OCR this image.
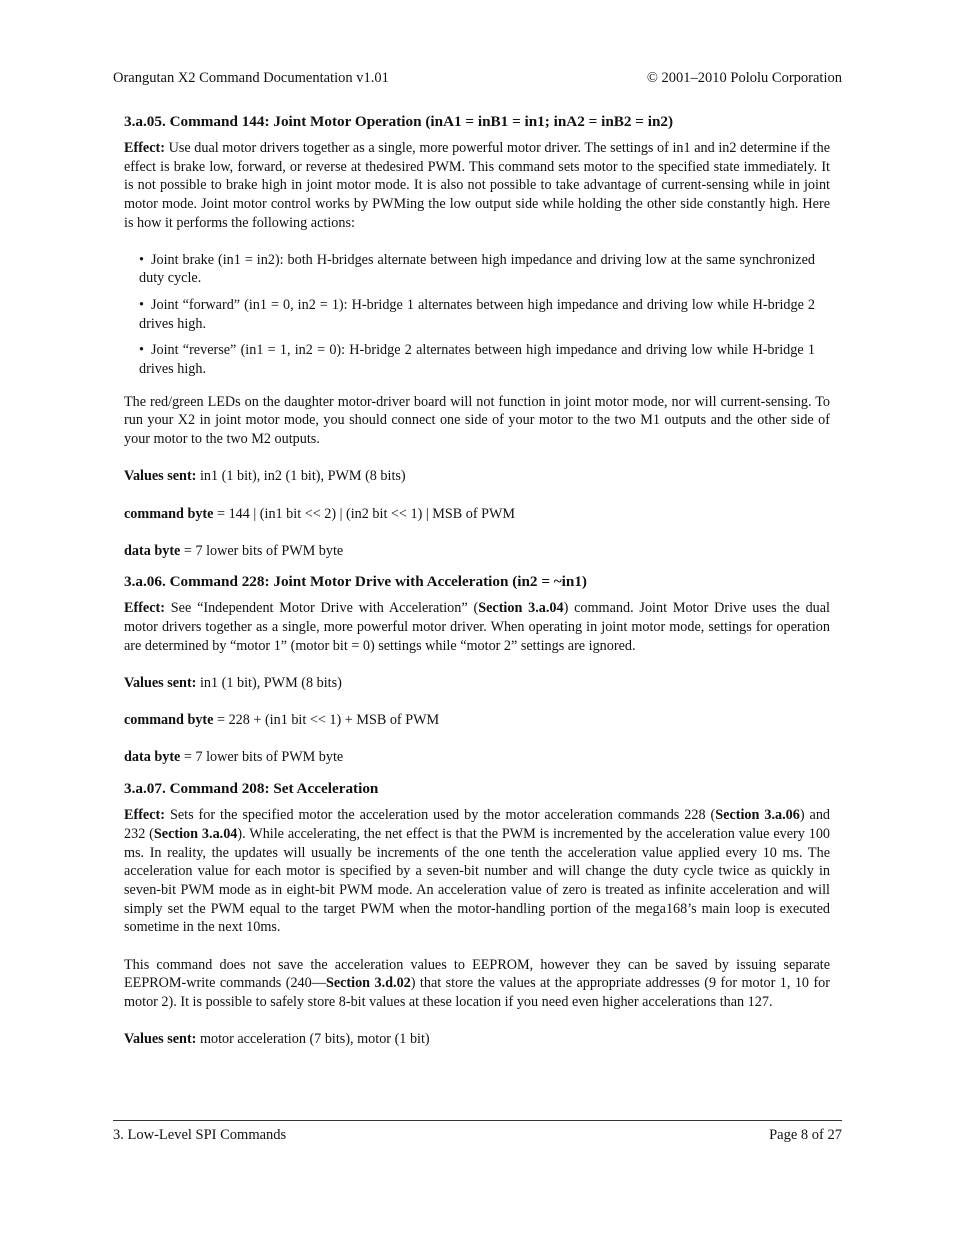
Orangutan X2 Command Documentation v1.01	© 2001–2010 Pololu Corporation
3.a.05. Command 144: Joint Motor Operation (inA1 = inB1 = in1; inA2 = inB2 = in2)

Effect: Use dual motor drivers together as a single, more powerful motor driver. The settings of in1 and in2 determine if the effect is brake low, forward, or reverse at thedesired PWM. This command sets motor to the specified state immediately. It is not possible to brake high in joint motor mode. It is also not possible to take advantage of current-sensing while in joint motor mode. Joint motor control works by PWMing the low output side while holding the other side constantly high. Here is how it performs the following actions:

• Joint brake (in1 = in2): both H-bridges alternate between high impedance and driving low at the same synchronized duty cycle.
• Joint “forward” (in1 = 0, in2 = 1): H-bridge 1 alternates between high impedance and driving low while H-bridge 2 drives high.
• Joint “reverse” (in1 = 1, in2 = 0): H-bridge 2 alternates between high impedance and driving low while H-bridge 1 drives high.

The red/green LEDs on the daughter motor-driver board will not function in joint motor mode, nor will current-sensing. To run your X2 in joint motor mode, you should connect one side of your motor to the two M1 outputs and the other side of your motor to the two M2 outputs.

Values sent: in1 (1 bit), in2 (1 bit), PWM (8 bits)

command byte = 144 | (in1 bit << 2) | (in2 bit << 1) | MSB of PWM

data byte = 7 lower bits of PWM byte

3.a.06. Command 228: Joint Motor Drive with Acceleration (in2 = ~in1)

Effect: See “Independent Motor Drive with Acceleration” (Section 3.a.04) command. Joint Motor Drive uses the dual motor drivers together as a single, more powerful motor driver. When operating in joint motor mode, settings for operation are determined by “motor 1” (motor bit = 0) settings while “motor 2” settings are ignored.

Values sent: in1 (1 bit), PWM (8 bits)

command byte = 228 + (in1 bit << 1) + MSB of PWM

data byte = 7 lower bits of PWM byte

3.a.07. Command 208: Set Acceleration

Effect: Sets for the specified motor the acceleration used by the motor acceleration commands 228 (Section 3.a.06) and 232 (Section 3.a.04). While accelerating, the net effect is that the PWM is incremented by the acceleration value every 100 ms. In reality, the updates will usually be increments of the one tenth the acceleration value applied every 10 ms. The acceleration value for each motor is specified by a seven-bit number and will change the duty cycle twice as quickly in seven-bit PWM mode as in eight-bit PWM mode. An acceleration value of zero is treated as infinite acceleration and will simply set the PWM equal to the target PWM when the motor-handling portion of the mega168’s main loop is executed sometime in the next 10ms.

This command does not save the acceleration values to EEPROM, however they can be saved by issuing separate EEPROM-write commands (240—Section 3.d.02) that store the values at the appropriate addresses (9 for motor 1, 10 for motor 2). It is possible to safely store 8-bit values at these location if you need even higher accelerations than 127.

Values sent: motor acceleration (7 bits), motor (1 bit)

3. Low-Level SPI Commands	Page 8 of 27
